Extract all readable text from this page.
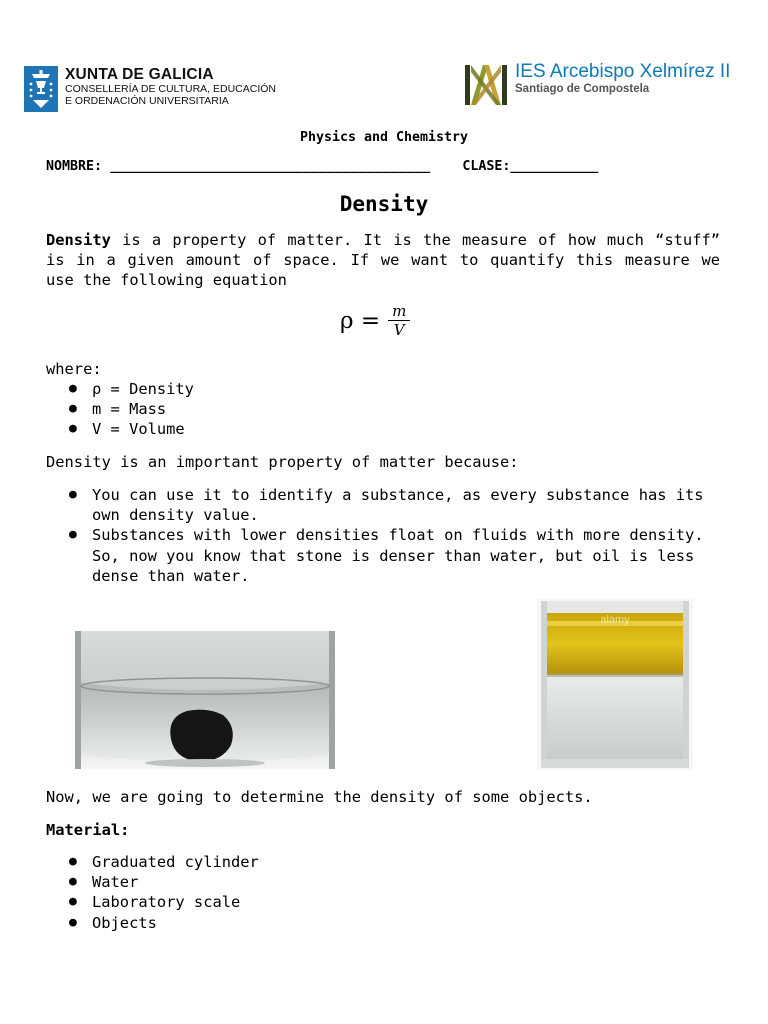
XUNTA DE GALICIA
CONSELLERÍA DE CULTURA, EDUCACIÓN
E ORDENACIÓN UNIVERSITARIA
IES Arcebispo Xelmírez II
Santiago de Compostela
Physics and Chemistry
NOMBRE: ________________________________________ CLASE:___________
Density
Density is a property of matter. It is the measure of how much “stuff” is in a given amount of space. If we want to quantify this measure we use the following equation
$\rho = \frac{m}{V}$
where:
● ρ = Density
● m = Mass
● V = Volume
Density is an important property of matter because:
● You can use it to identify a substance, as every substance has its own density value.
● Substances with lower densities float on fluids with more density. So, now you know that stone is denser than water, but oil is less dense than water.
alamy
Now, we are going to determine the density of some objects.
Material:
● Graduated cylinder
● Water
● Laboratory scale
● Objects
